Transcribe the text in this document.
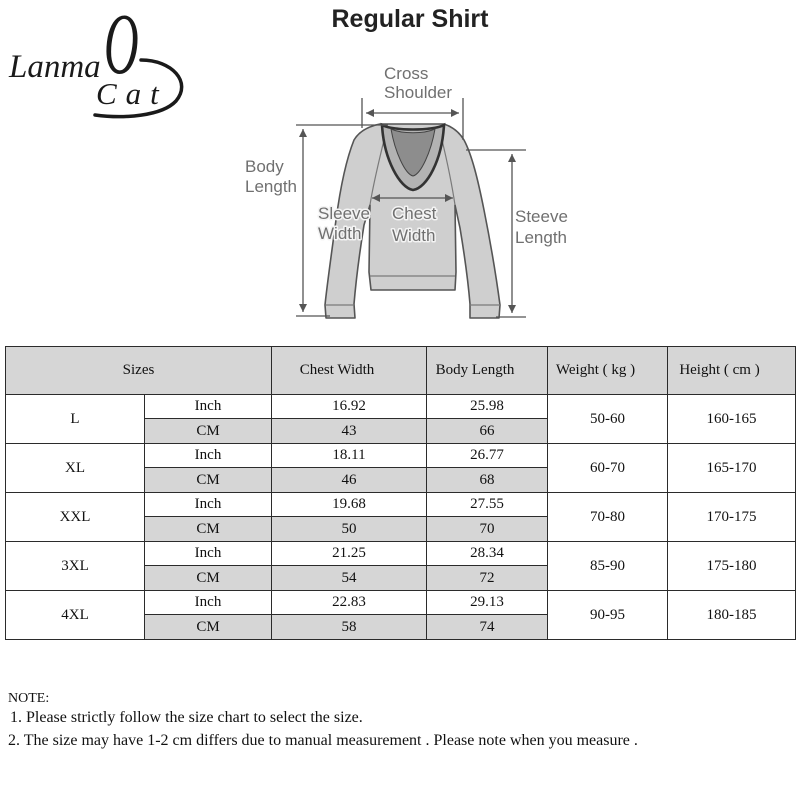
Lanma O
Cat
Regular Shirt
Cross
Shoulder
Body
Length
Sleeve
Width
Chest
Width
Steeve
Length
Sizes		Chest Width	Body Length	Weight ( kg )	Height ( cm )
L	Inch	16.92	25.98	50-60	160-165
	CM	43	66		
XL	Inch	18.11	26.77	60-70	165-170
	CM	46	68		
XXL	Inch	19.68	27.55	70-80	170-175
	CM	50	70		
3XL	Inch	21.25	28.34	85-90	175-180
	CM	54	72		
4XL	Inch	22.83	29.13	90-95	180-185
	CM	58	74		
NOTE:
1. Please strictly follow the size chart to select the size.
2. The size may have 1-2 cm differs due to manual measurement . Please note when you measure .
